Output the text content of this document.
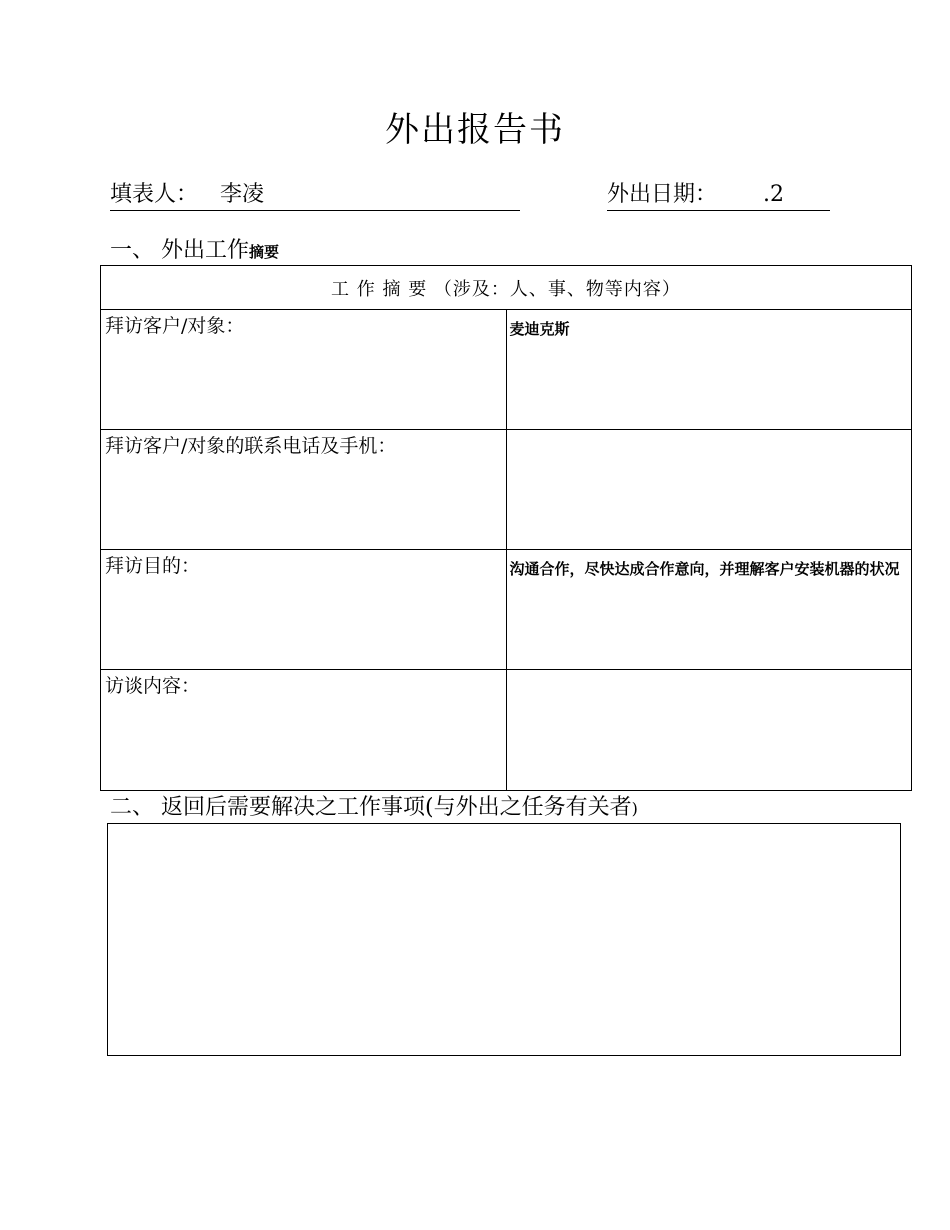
外出报告书
填表人： 李凌	外出日期： .2
一、 外出工作摘要
工 作 摘 要 （涉及：人、事、物等内容）	
拜访客户/对象：	麦迪克斯
拜访客户/对象的联系电话及手机：	
拜访目的：	沟通合作，尽快达成合作意向，并理解客户安装机器的状况
访谈内容：	
二、 返回后需要解决之工作事项(与外出之任务有关者)
